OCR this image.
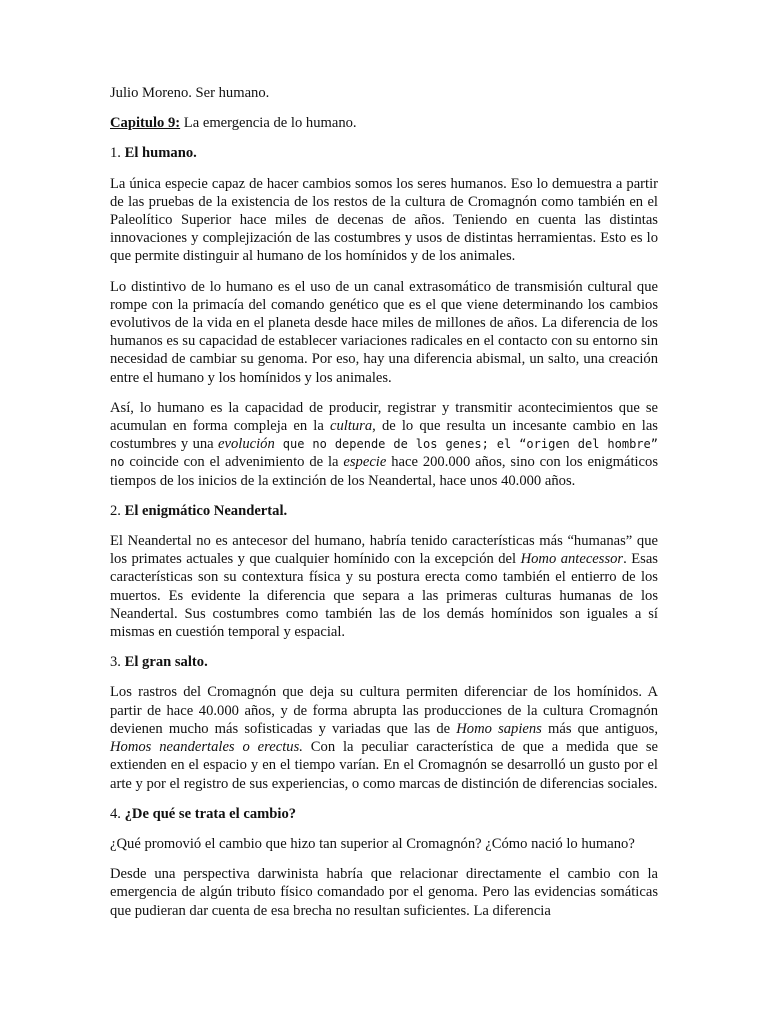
Julio Moreno. Ser humano.

Capitulo 9: La emergencia de lo humano.

1. El humano.

La única especie capaz de hacer cambios somos los seres humanos. Eso lo demuestra a partir de las pruebas de la existencia de los restos de la cultura de Cromagnón como también en el Paleolítico Superior hace miles de decenas de años. Teniendo en cuenta las distintas innovaciones y complejización de las costumbres y usos de distintas herramientas. Esto es lo que permite distinguir al humano de los homínidos y de los animales.

Lo distintivo de lo humano es el uso de un canal extrasomático de transmisión cultural que rompe con la primacía del comando genético que es el que viene determinando los cambios evolutivos de la vida en el planeta desde hace miles de millones de años. La diferencia de los humanos es su capacidad de establecer variaciones radicales en el contacto con su entorno sin necesidad de cambiar su genoma. Por eso, hay una diferencia abismal, un salto, una creación entre el humano y los homínidos y los animales.

Así, lo humano es la capacidad de producir, registrar y transmitir acontecimientos que se acumulan en forma compleja en la cultura, de lo que resulta un incesante cambio en las costumbres y una evolución que no depende de los genes; el “origen del hombre” no coincide con el advenimiento de la especie hace 200.000 años, sino con los enigmáticos tiempos de los inicios de la extinción de los Neandertal, hace unos 40.000 años.

2. El enigmático Neandertal.

El Neandertal no es antecesor del humano, habría tenido características más “humanas” que los primates actuales y que cualquier homínido con la excepción del Homo antecessor. Esas características son su contextura física y su postura erecta como también el entierro de los muertos. Es evidente la diferencia que separa a las primeras culturas humanas de los Neandertal. Sus costumbres como también las de los demás homínidos son iguales a sí mismas en cuestión temporal y espacial.

3. El gran salto.

Los rastros del Cromagnón que deja su cultura permiten diferenciar de los homínidos. A partir de hace 40.000 años, y de forma abrupta las producciones de la cultura Cromagnón devienen mucho más sofisticadas y variadas que las de Homo sapiens más que antiguos, Homos neandertales o erectus. Con la peculiar característica de que a medida que se extienden en el espacio y en el tiempo varían. En el Cromagnón se desarrolló un gusto por el arte y por el registro de sus experiencias, o como marcas de distinción de diferencias sociales.

4. ¿De qué se trata el cambio?

¿Qué promovió el cambio que hizo tan superior al Cromagnón? ¿Cómo nació lo humano?

Desde una perspectiva darwinista habría que relacionar directamente el cambio con la emergencia de algún tributo físico comandado por el genoma. Pero las evidencias somáticas que pudieran dar cuenta de esa brecha no resultan suficientes. La diferencia
